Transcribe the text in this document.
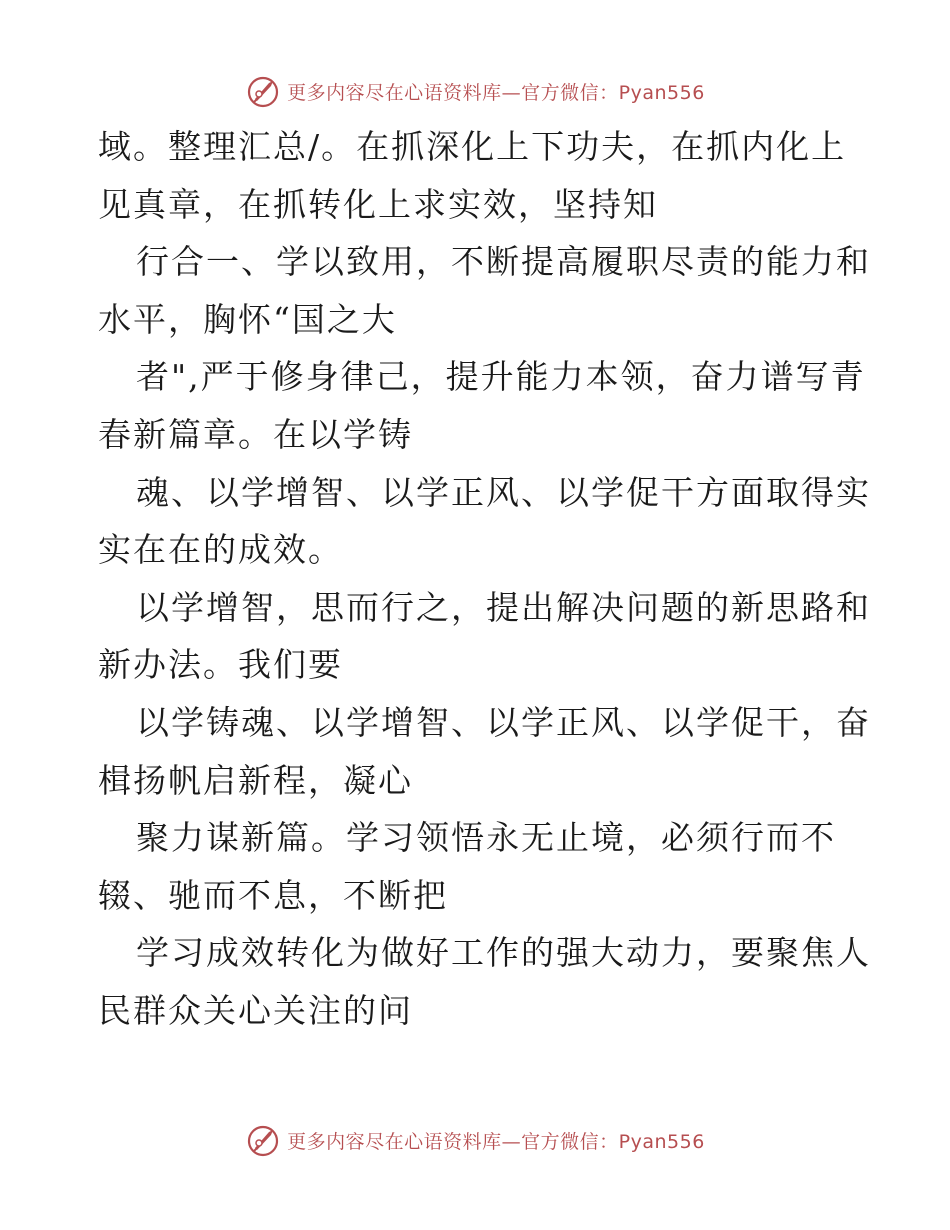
更多内容尽在心语资料库—官方微信：Pyan556
域。整理汇总/。在抓深化上下功夫，在抓内化上
见真章，在抓转化上求实效，坚持知
行合一、学以致用，不断提高履职尽责的能力和
水平，胸怀“国之大
者",严于修身律己，提升能力本领，奋力谱写青
春新篇章。在以学铸
魂、以学增智、以学正风、以学促干方面取得实
实在在的成效。
以学增智，思而行之，提出解决问题的新思路和
新办法。我们要
以学铸魂、以学增智、以学正风、以学促干，奋
楫扬帆启新程，凝心
聚力谋新篇。学习领悟永无止境，必须行而不
辍、驰而不息，不断把
学习成效转化为做好工作的强大动力，要聚焦人
民群众关心关注的问
更多内容尽在心语资料库—官方微信：Pyan556
